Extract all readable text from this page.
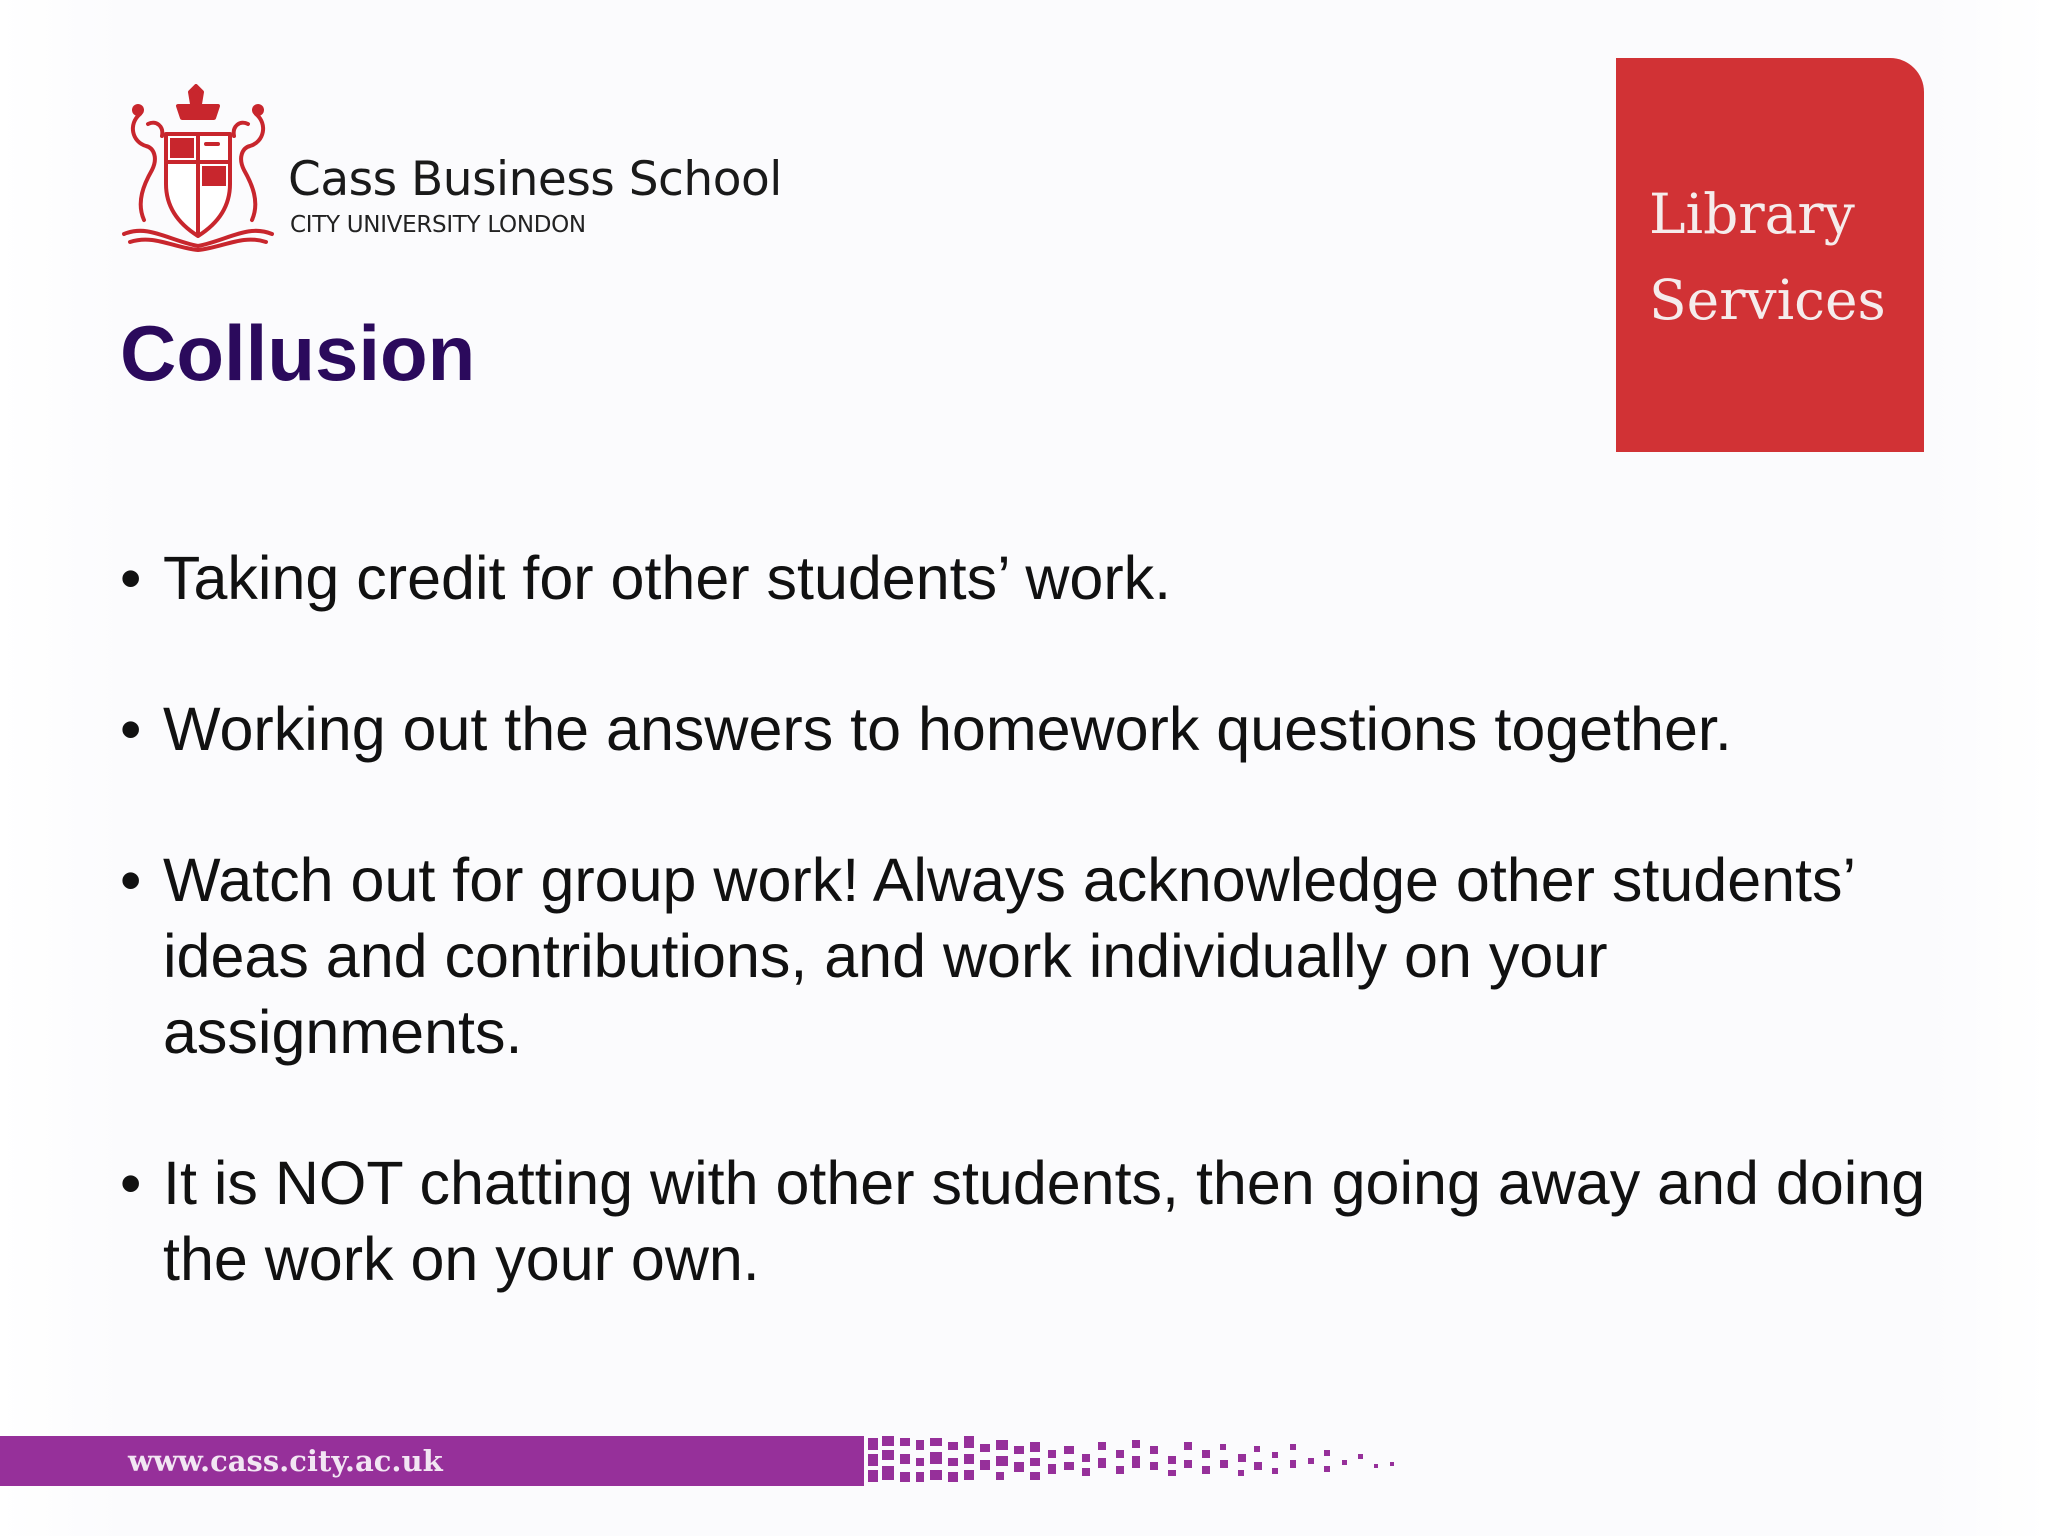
Cass Business School
CITY UNIVERSITY LONDON	Library
Services
Collusion
• Taking credit for other students’ work.
• Working out the answers to homework questions together.
• Watch out for group work! Always acknowledge other students’ ideas and contributions, and work individually on your assignments.
• It is NOT chatting with other students, then going away and doing the work on your own.
www.cass.city.ac.uk
